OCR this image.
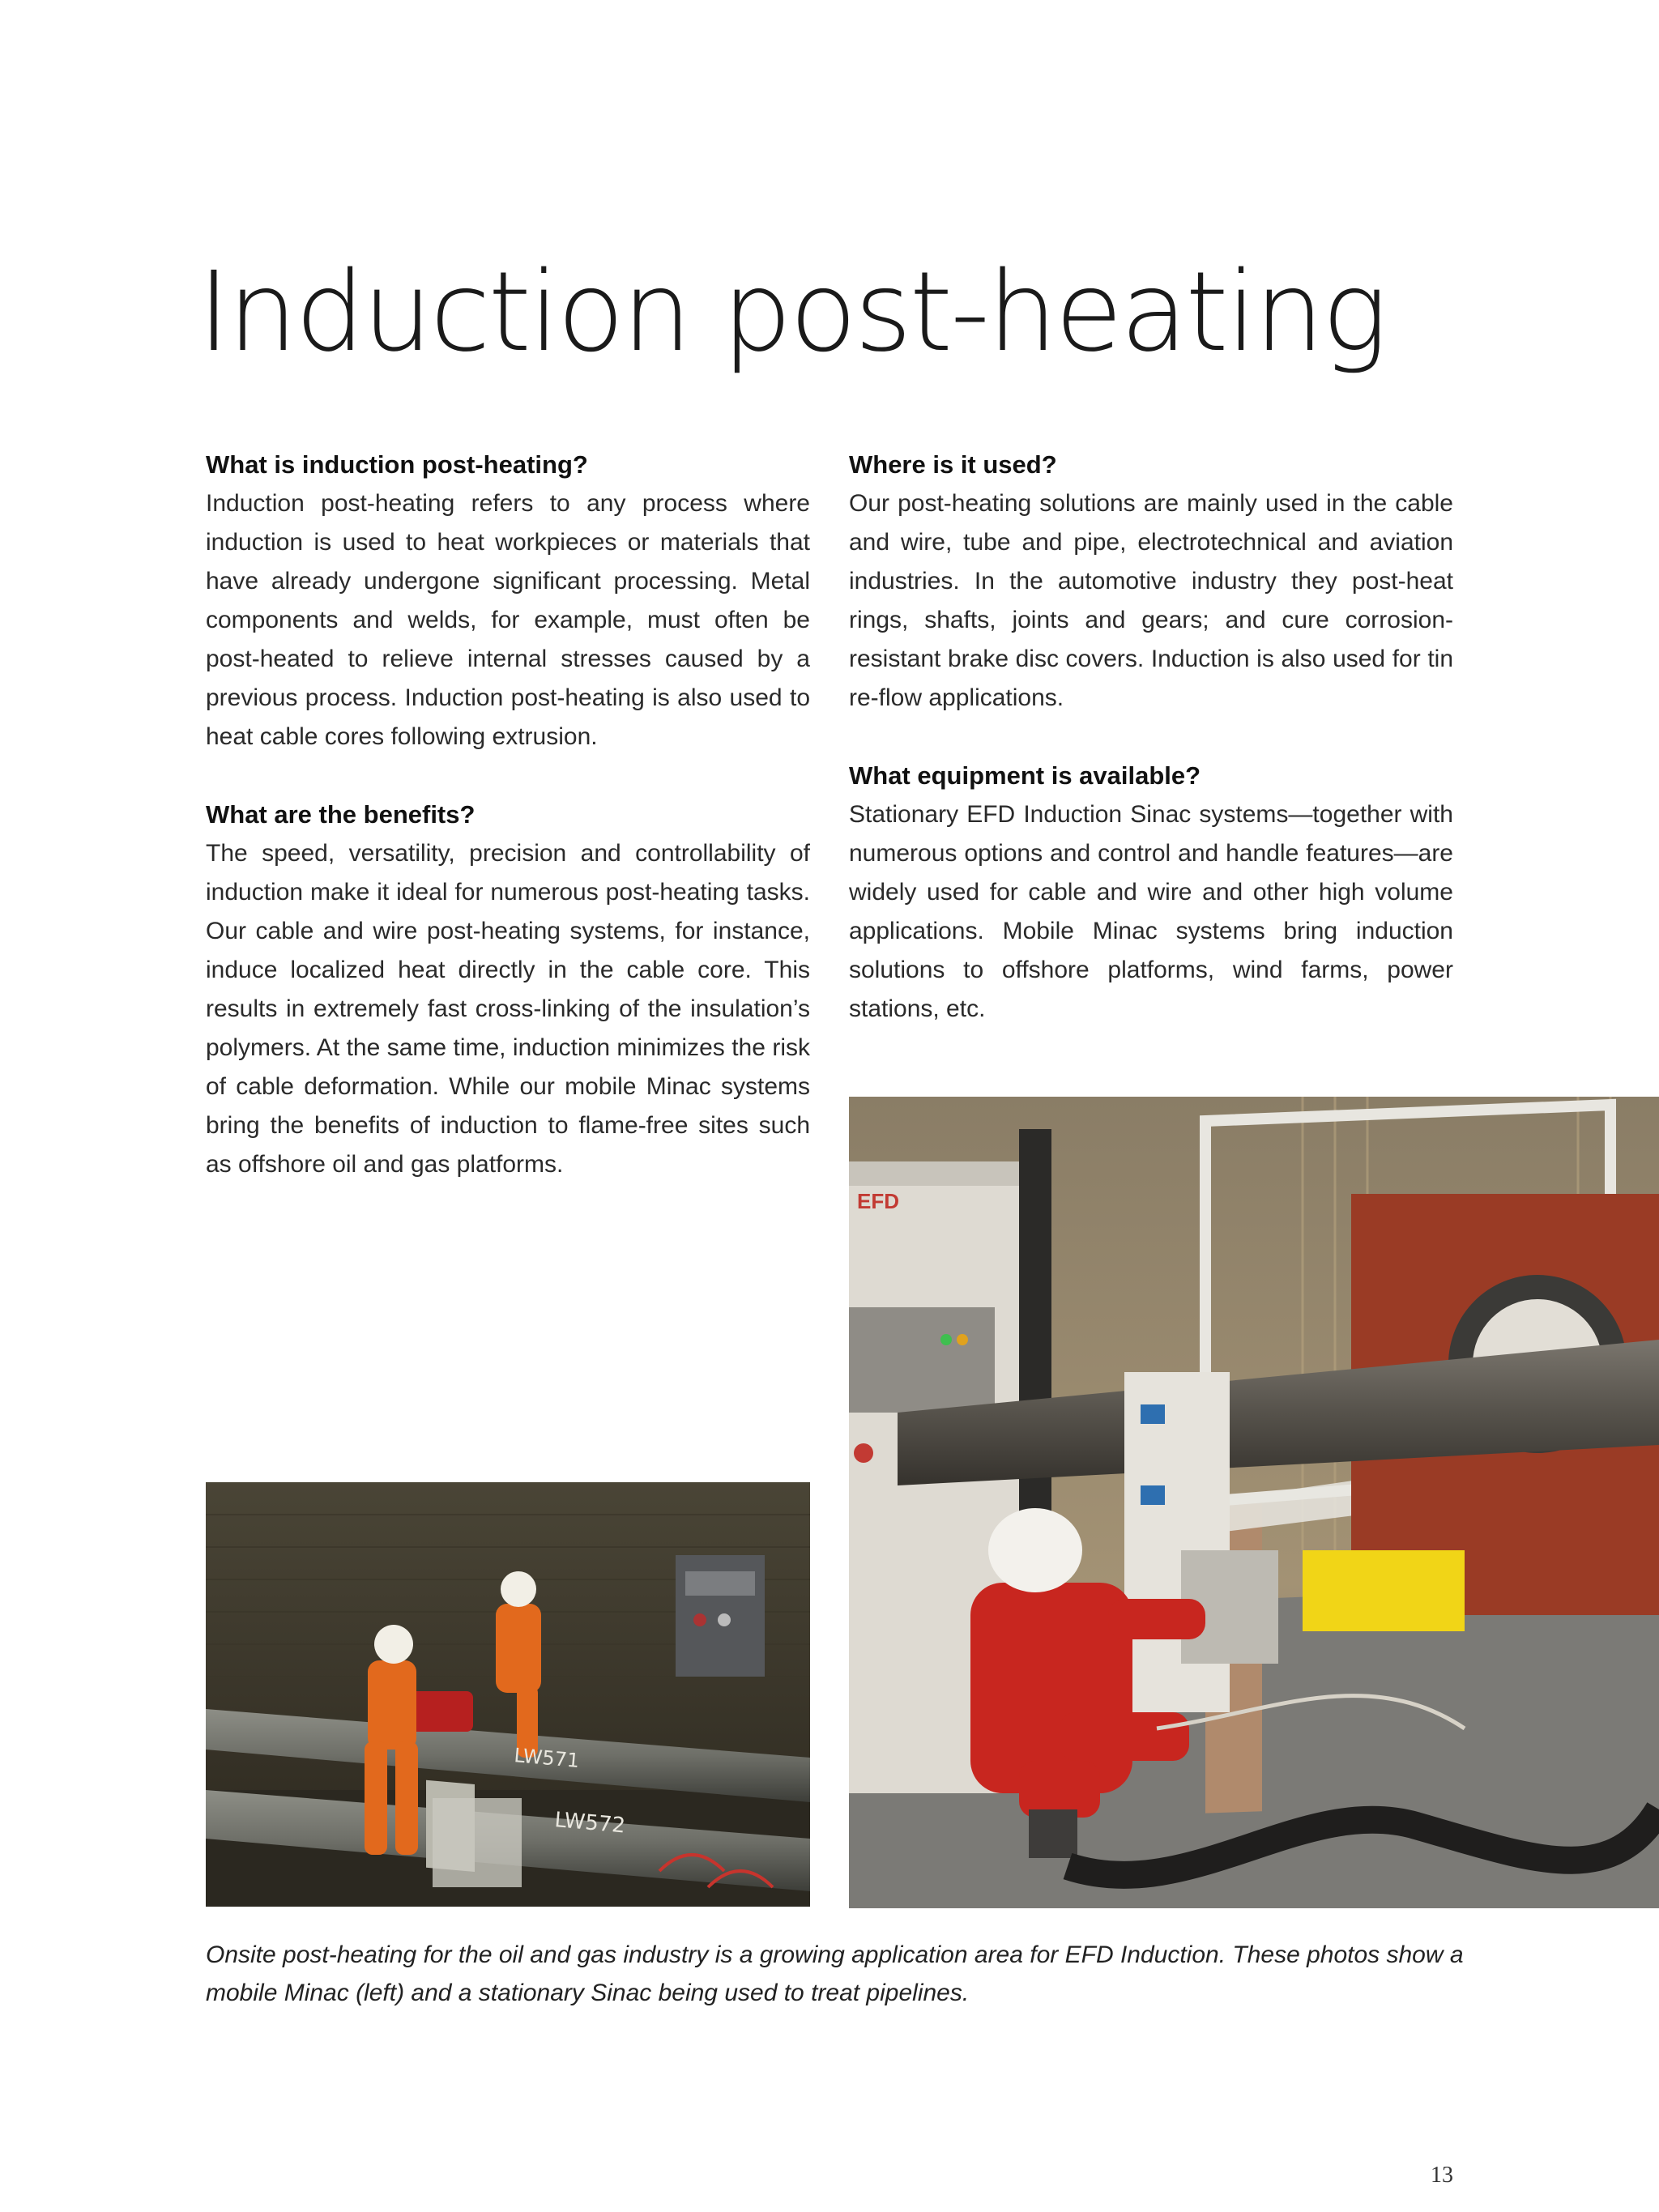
Induction post-heating
What is induction post-heating?

Induction post-heating refers to any process where induction is used to heat workpieces or materials that have already undergone significant processing. Metal components and welds, for example, must often be post-heated to relieve internal stresses caused by a previous process. Induction post-heating is also used to heat cable cores following extrusion.

What are the benefits?

The speed, versatility, precision and controllability of induction make it ideal for numerous post-heating tasks. Our cable and wire post-heating systems, for instance, induce localized heat directly in the cable core. This results in extremely fast cross-linking of the insulation’s polymers. At the same time, induction minimizes the risk of cable deformation. While our mobile Minac systems bring the benefits of induction to flame-free sites such as offshore oil and gas platforms.

Where is it used?

Our post-heating solutions are mainly used in the cable and wire, tube and pipe, electrotechnical and aviation industries. In the automotive industry they post-heat rings, shafts, joints and gears; and cure corrosion-resistant brake disc covers. Induction is also used for tin re-flow applications.

What equipment is available?

Stationary EFD Induction Sinac systems—together with numerous options and control and handle features—are widely used for cable and wire and other high volume applications. Mobile Minac systems bring induction solutions to offshore platforms, wind farms, power stations, etc.

LW571
LW572
EFD

Onsite post-heating for the oil and gas industry is a growing application area for EFD Induction. These photos show a mobile Minac (left) and a stationary Sinac being used to treat pipelines.

13
